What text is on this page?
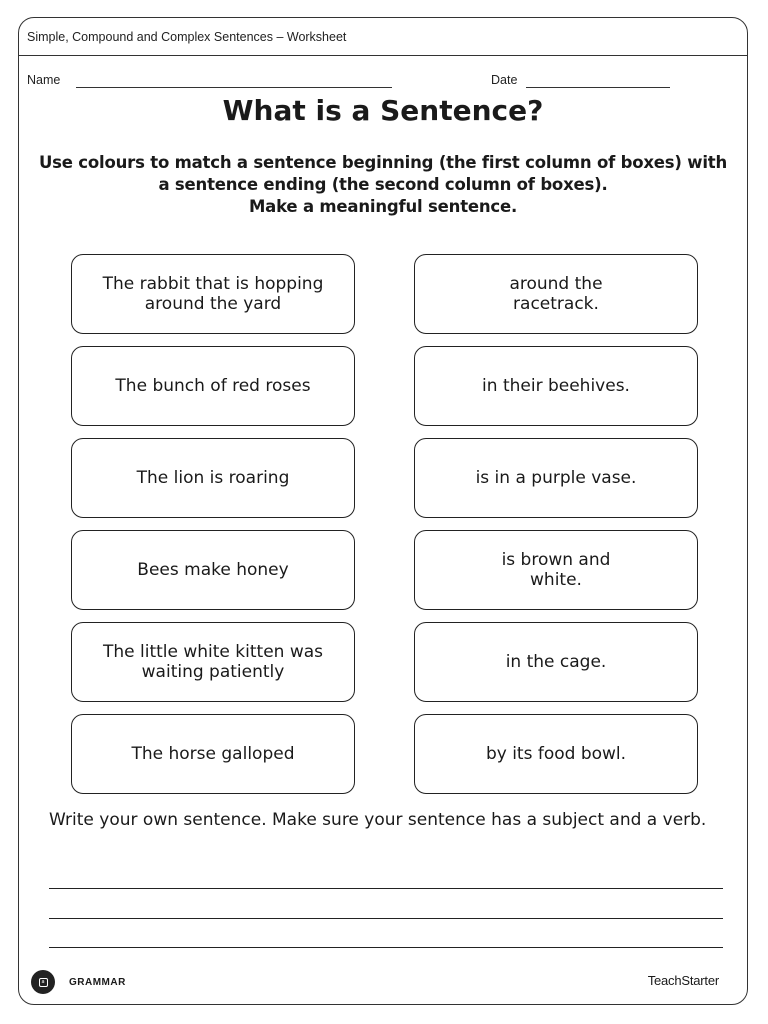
Simple, Compound and Complex Sentences – Worksheet
Name	Date
What is a Sentence?
Use colours to match a sentence beginning (the first column of boxes) with
a sentence ending (the second column of boxes).
Make a meaningful sentence.
The rabbit that is hopping around the yard
The bunch of red roses
The lion is roaring
Bees make honey
The little white kitten was waiting patiently
The horse galloped
around the racetrack.
in their beehives.
is in a purple vase.
is brown and white.
in the cage.
by its food bowl.
Write your own sentence. Make sure your sentence has a subject and a verb.
a GRAMMAR	TeachStarter
